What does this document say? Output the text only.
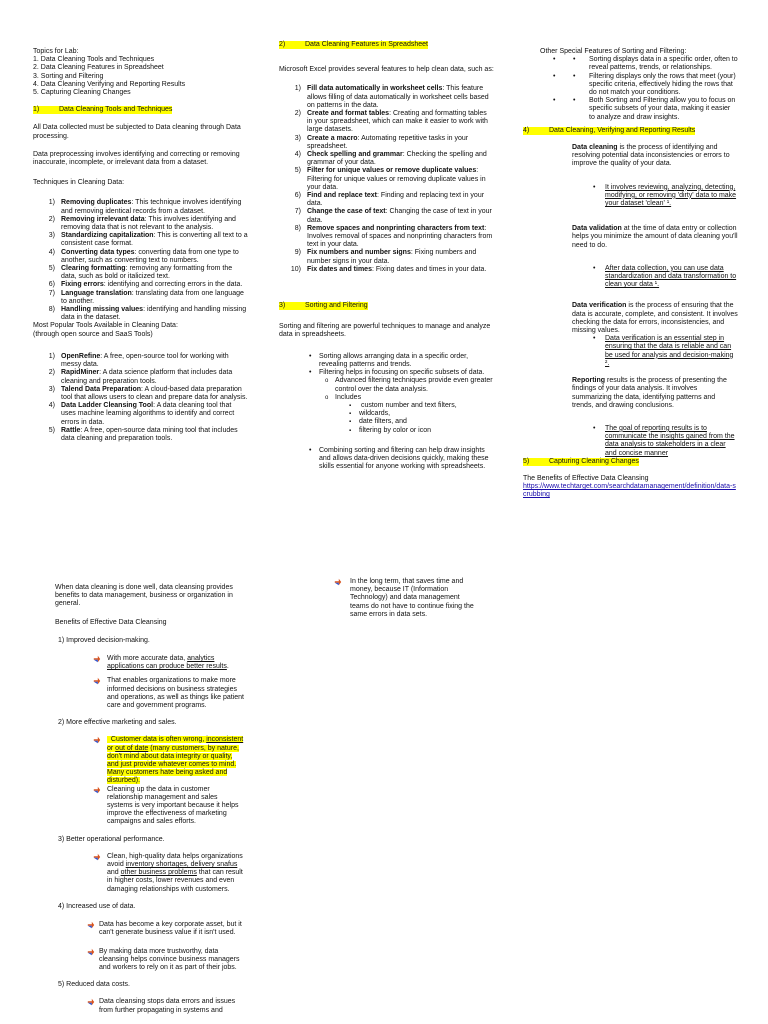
Topics for Lab:

1. Data Cleaning Tools and Techniques

2. Data Cleaning Features in Spreadsheet

3. Sorting and Filtering

4. Data Cleaning Verifying and Reporting Results

5. Capturing Cleaning Changes

1)	Data Cleaning Tools and Techniques

All Data collected must be subjected to Data cleaning through Data processing.

Data preprocessing involves identifying and correcting or removing inaccurate, incomplete, or irrelevant data from a dataset.

Techniques in Cleaning Data:

1) Removing duplicates: This technique involves identifying and removing identical records from a dataset.
2) Removing irrelevant data: This involves identifying and removing data that is not relevant to the analysis.
3) Standardizing capitalization: This is converting all text to a consistent case format.
4) Converting data types: converting data from one type to another, such as converting text to numbers.
5) Clearing formatting: removing any formatting from the data, such as bold or italicized text.
6) Fixing errors: identifying and correcting errors in the data.
7) Language translation: translating data from one language to another.
8) Handling missing values: identifying and handling missing data in the dataset.

Most Popular Tools Available in Cleaning Data:

(through open source and SaaS Tools)

1) OpenRefine: A free, open-source tool for working with messy data.
2) RapidMiner: A data science platform that includes data cleaning and preparation tools.
3) Talend Data Preparation: A cloud-based data preparation tool that allows users to clean and prepare data for analysis.
4) Data Ladder Cleansing Tool: A data cleaning tool that uses machine learning algorithms to identify and correct errors in data.
5) Rattle: A free, open-source data mining tool that includes data cleaning and preparation tools.

2)	Data Cleaning Features in Spreadsheet

Microsoft Excel provides several features to help clean data, such as:

1) Fill data automatically in worksheet cells: This feature allows filling of data automatically in worksheet cells based on patterns in the data.
2) Create and format tables: Creating and formatting tables in your spreadsheet, which can make it easier to work with large datasets.
3) Create a macro: Automating repetitive tasks in your spreadsheet.
4) Check spelling and grammar: Checking the spelling and grammar of your data.
5) Filter for unique values or remove duplicate values: Filtering for unique values or removing duplicate values in your data.
6) Find and replace text: Finding and replacing text in your data.
7) Change the case of text: Changing the case of text in your data.
8) Remove spaces and nonprinting characters from text: Involves removal of spaces and nonprinting characters from text in your data.
9) Fix numbers and number signs: Fixing numbers and number signs in your data.
10) Fix dates and times: Fixing dates and times in your data.

3)	Sorting and Filtering

Sorting and filtering are powerful techniques to manage and analyze data in spreadsheets.

• Sorting allows arranging data in a specific order, revealing patterns and trends.
• Filtering helps in focusing on specific subsets of data.
o Advanced filtering techniques provide even greater control over the data analysis.
o Includes
▪ custom number and text filters,
▪ wildcards,
▪ date filters, and
▪ filtering by color or icon
• Combining sorting and filtering can help draw insights and allows data-driven decisions quickly, making these skills essential for anyone working with spreadsheets.
In the long term, that saves time and money, because IT (Information Technology) and data management teams do not have to continue fixing the same errors in data sets.

Other Special Features of Sorting and Filtering:

• • Sorting displays data in a specific order, often to reveal patterns, trends, or relationships.
• • Filtering displays only the rows that meet (your) specific criteria, effectively hiding the rows that do not match your conditions.
• • Both Sorting and Filtering allow you to focus on specific subsets of your data, making it easier to analyze and draw insights.

4)	Data Cleaning, Verifying and Reporting Results

Data cleaning is the process of identifying and resolving potential data inconsistencies or errors to improve the quality of your data.

• It involves reviewing, analyzing, detecting, modifying, or removing 'dirty' data to make your dataset 'clean' ¹.

Data validation at the time of data entry or collection helps you minimize the amount of data cleaning you'll need to do.

• After data collection, you can use data standardization and data transformation to clean your data ¹.

Data verification is the process of ensuring that the data is accurate, complete, and consistent. It involves checking the data for errors, inconsistencies, and missing values.

• Data verification is an essential step in ensuring that the data is reliable and can be used for analysis and decision-making ².

Reporting results is the process of presenting the findings of your data analysis. It involves summarizing the data, identifying patterns and trends, and drawing conclusions.

• The goal of reporting results is to communicate the insights gained from the data analysis to stakeholders in a clear and concise manner

5)	Capturing Cleaning Changes

The Benefits of Effective Data Cleansing

https://www.techtarget.com/searchdatamanagement/definition/data-scrubbing

When data cleaning is done well, data cleansing provides benefits to data management, business or organization in general.

Benefits of Effective Data Cleansing

1) Improved decision-making.

With more accurate data, analytics applications can produce better results.
That enables organizations to make more informed decisions on business strategies and operations, as well as things like patient care and government programs.

2) More effective marketing and sales.

Customer data is often wrong, inconsistent or out of date (many customers, by nature, don't mind about data integrity or quality, and just provide whatever comes to mind. Many customers hate being asked and disturbed).
Cleaning up the data in customer relationship management and sales systems is very important because it helps improve the effectiveness of marketing campaigns and sales efforts.

3) Better operational performance.

Clean, high-quality data helps organizations avoid inventory shortages, delivery snafus and other business problems that can result in higher costs, lower revenues and even damaging relationships with customers.

4) Increased use of data.

Data has become a key corporate asset, but it can't generate business value if it isn't used.
By making data more trustworthy, data cleansing helps convince business managers and workers to rely on it as part of their jobs.

5) Reduced data costs.

Data cleansing stops data errors and issues from further propagating in systems and
